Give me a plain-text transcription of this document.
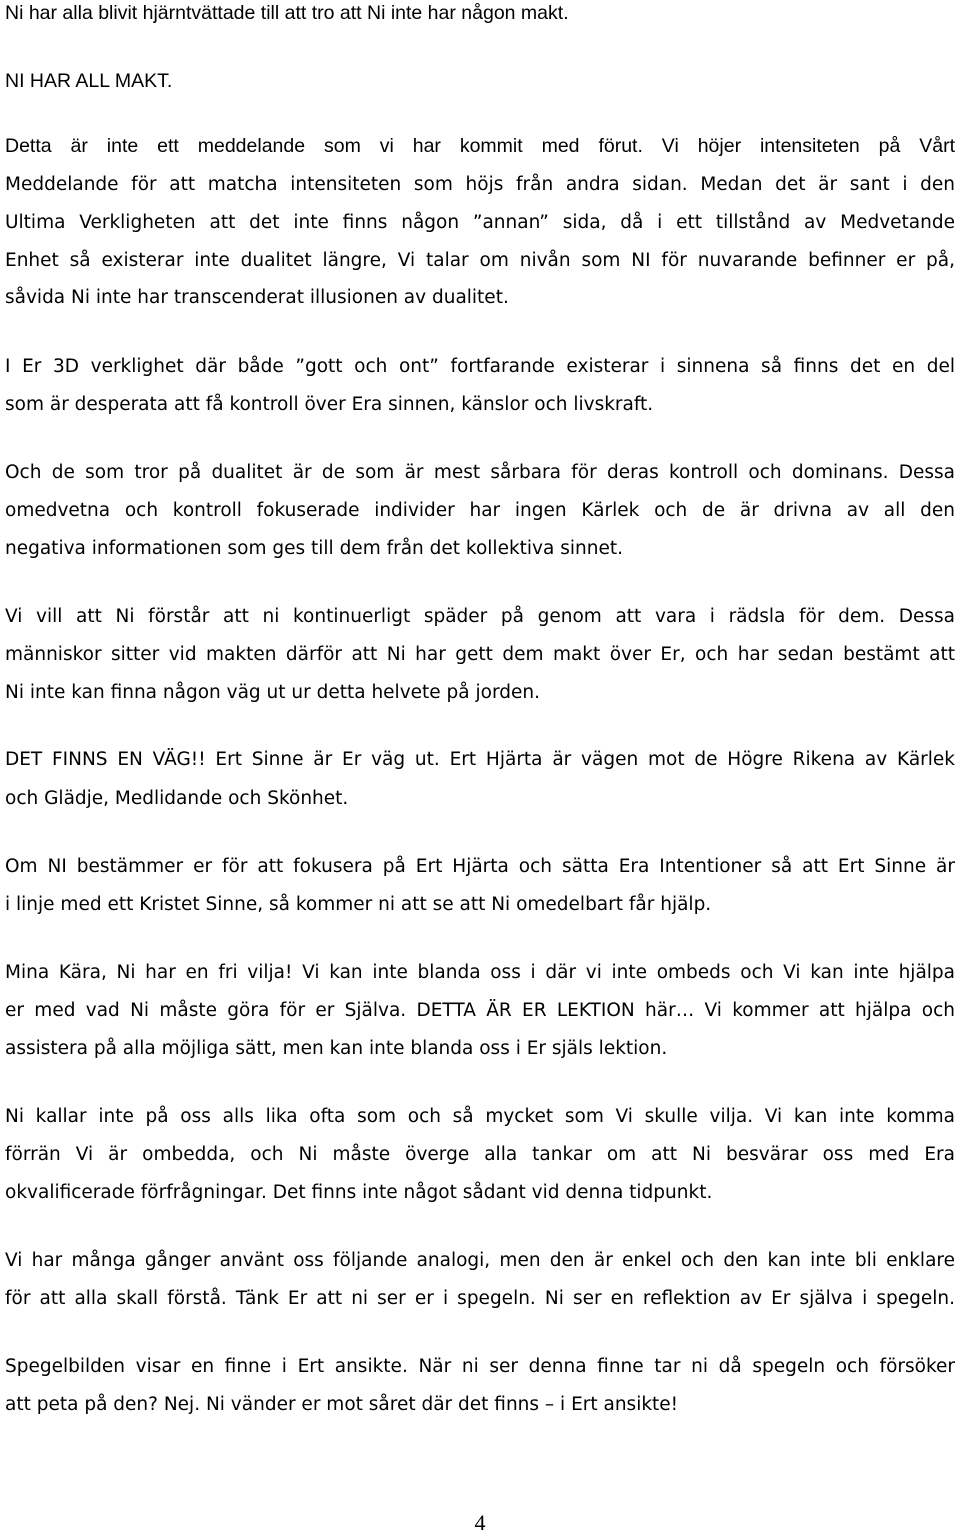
Ni har alla blivit hjärntvättade till att tro att Ni inte har någon makt.
NI HAR ALL MAKT.
Detta är inte ett meddelande som vi har kommit med förut. Vi höjer intensiteten på Vårt
Meddelande för att matcha intensiteten som höjs från andra sidan. Medan det är sant i den
Ultima Verkligheten att det inte finns någon ”annan” sida, då i ett tillstånd av Medvetande
Enhet så existerar inte dualitet längre, Vi talar om nivån som NI för nuvarande befinner er på,
såvida Ni inte har transcenderat illusionen av dualitet.
I Er 3D verklighet där både ”gott och ont” fortfarande existerar i sinnena så finns det en del
som är desperata att få kontroll över Era sinnen, känslor och livskraft.
Och de som tror på dualitet är de som är mest sårbara för deras kontroll och dominans. Dessa
omedvetna och kontroll fokuserade individer har ingen Kärlek och de är drivna av all den
negativa informationen som ges till dem från det kollektiva sinnet.
Vi vill att Ni förstår att ni kontinuerligt späder på genom att vara i rädsla för dem. Dessa
människor sitter vid makten därför att Ni har gett dem makt över Er, och har sedan bestämt att
Ni inte kan finna någon väg ut ur detta helvete på jorden.
DET FINNS EN VÄG!! Ert Sinne är Er väg ut. Ert Hjärta är vägen mot de Högre Rikena av Kärlek
och Glädje, Medlidande och Skönhet.
Om NI bestämmer er för att fokusera på Ert Hjärta och sätta Era Intentioner så att Ert Sinne är
i linje med ett Kristet Sinne, så kommer ni att se att Ni omedelbart får hjälp.
Mina Kära, Ni har en fri vilja! Vi kan inte blanda oss i där vi inte ombeds och Vi kan inte hjälpa
er med vad Ni måste göra för er Själva. DETTA ÄR ER LEKTION här… Vi kommer att hjälpa och
assistera på alla möjliga sätt, men kan inte blanda oss i Er själs lektion.
Ni kallar inte på oss alls lika ofta som och så mycket som Vi skulle vilja. Vi kan inte komma
förrän Vi är ombedda, och Ni måste överge alla tankar om att Ni besvärar oss med Era
okvalificerade förfrågningar. Det finns inte något sådant vid denna tidpunkt.
Vi har många gånger använt oss följande analogi, men den är enkel och den kan inte bli enklare
för att alla skall förstå. Tänk Er att ni ser er i spegeln. Ni ser en reflektion av Er själva i spegeln.
Spegelbilden visar en finne i Ert ansikte. När ni ser denna finne tar ni då spegeln och försöker
att peta på den? Nej. Ni vänder er mot såret där det finns – i Ert ansikte!
4
